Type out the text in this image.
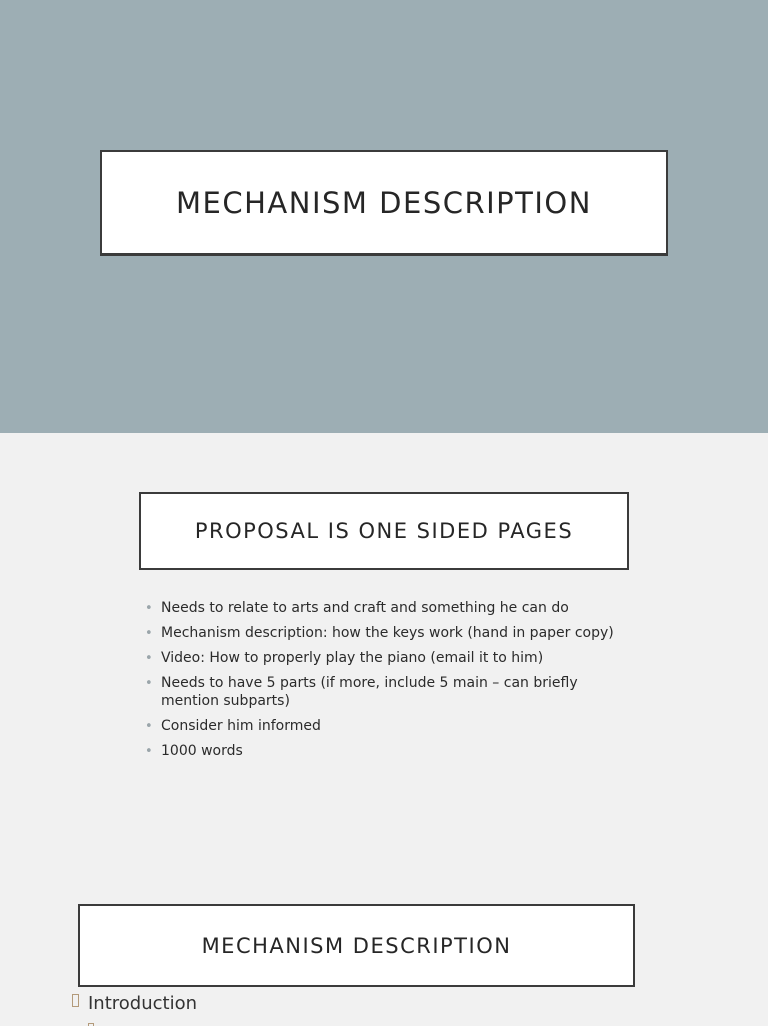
MECHANISM DESCRIPTION
PROPOSAL IS ONE SIDED PAGES
• Needs to relate to arts and craft and something he can do
• Mechanism description: how the keys work (hand in paper copy)
• Video: How to properly play the piano (email it to him)
• Needs to have 5 parts (if more, include 5 main – can briefly mention subparts)
• Consider him informed
• 1000 words
MECHANISM DESCRIPTION
Introduction
